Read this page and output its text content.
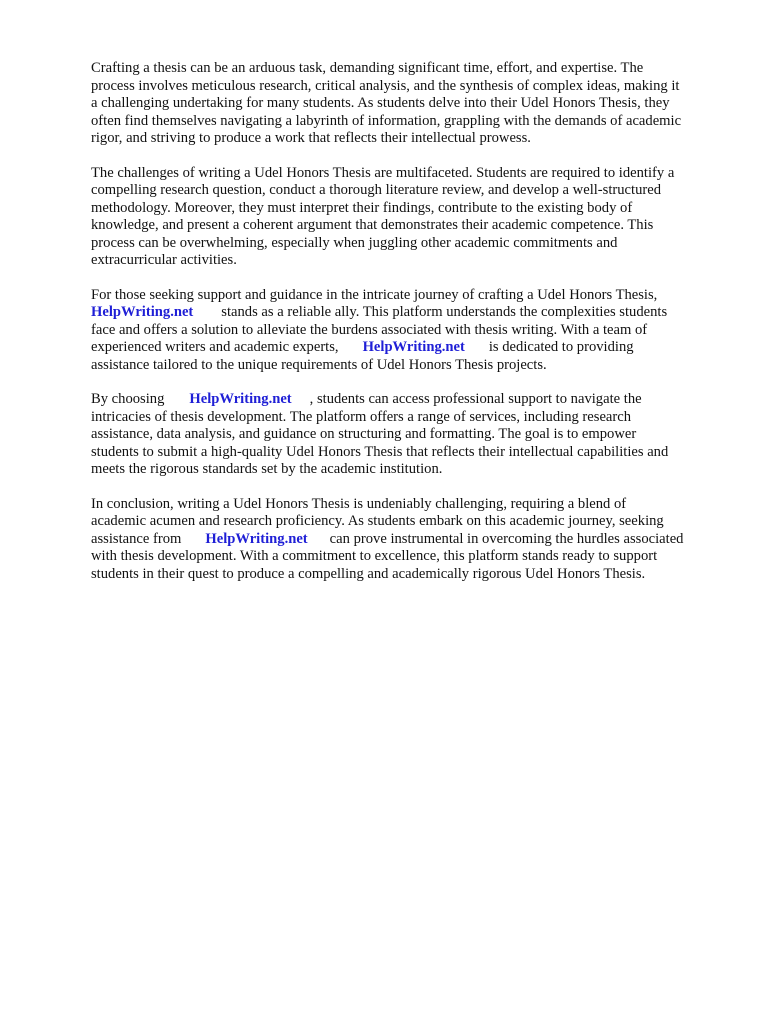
Crafting a thesis can be an arduous task, demanding significant time, effort, and expertise. The
process involves meticulous research, critical analysis, and the synthesis of complex ideas, making it
a challenging undertaking for many students. As students delve into their Udel Honors Thesis, they
often find themselves navigating a labyrinth of information, grappling with the demands of academic
rigor, and striving to produce a work that reflects their intellectual prowess.

The challenges of writing a Udel Honors Thesis are multifaceted. Students are required to identify a
compelling research question, conduct a thorough literature review, and develop a well-structured
methodology. Moreover, they must interpret their findings, contribute to the existing body of
knowledge, and present a coherent argument that demonstrates their academic competence. This
process can be overwhelming, especially when juggling other academic commitments and
extracurricular activities.

For those seeking support and guidance in the intricate journey of crafting a Udel Honors Thesis,
HelpWriting.net stands as a reliable ally. This platform understands the complexities students
face and offers a solution to alleviate the burdens associated with thesis writing. With a team of
experienced writers and academic experts, HelpWriting.net is dedicated to providing
assistance tailored to the unique requirements of Udel Honors Thesis projects.

By choosing HelpWriting.net , students can access professional support to navigate the
intricacies of thesis development. The platform offers a range of services, including research
assistance, data analysis, and guidance on structuring and formatting. The goal is to empower
students to submit a high-quality Udel Honors Thesis that reflects their intellectual capabilities and
meets the rigorous standards set by the academic institution.

In conclusion, writing a Udel Honors Thesis is undeniably challenging, requiring a blend of
academic acumen and research proficiency. As students embark on this academic journey, seeking
assistance from HelpWriting.net can prove instrumental in overcoming the hurdles associated
with thesis development. With a commitment to excellence, this platform stands ready to support
students in their quest to produce a compelling and academically rigorous Udel Honors Thesis.
